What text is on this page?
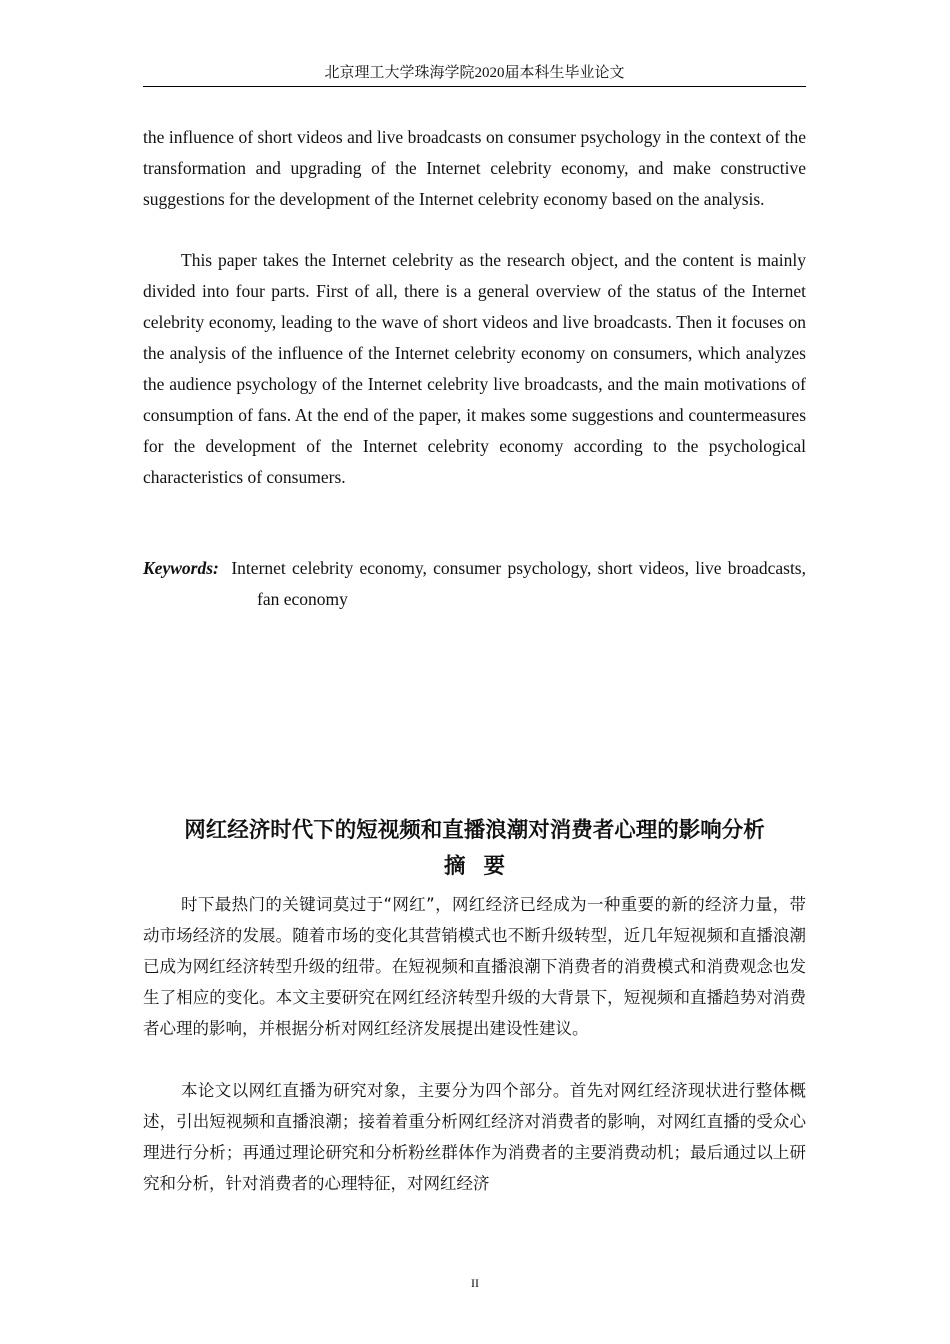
北京理工大学珠海学院2020届本科生毕业论文

the influence of short videos and live broadcasts on consumer psychology in the context of the transformation and upgrading of the Internet celebrity economy, and make constructive suggestions for the development of the Internet celebrity economy based on the analysis.

This paper takes the Internet celebrity as the research object, and the content is mainly divided into four parts. First of all, there is a general overview of the status of the Internet celebrity economy, leading to the wave of short videos and live broadcasts. Then it focuses on the analysis of the influence of the Internet celebrity economy on consumers, which analyzes the audience psychology of the Internet celebrity live broadcasts, and the main motivations of consumption of fans. At the end of the paper, it makes some suggestions and countermeasures for the development of the Internet celebrity economy according to the psychological characteristics of consumers.

Keywords: Internet celebrity economy, consumer psychology, short videos, live broadcasts, fan economy
网红经济时代下的短视频和直播浪潮对消费者心理的影响分析
摘要

时下最热门的关键词莫过于“网红”，网红经济已经成为一种重要的新的经济力量，带动市场经济的发展。随着市场的变化其营销模式也不断升级转型，近几年短视频和直播浪潮已成为网红经济转型升级的纽带。在短视频和直播浪潮下消费者的消费模式和消费观念也发生了相应的变化。本文主要研究在网红经济转型升级的大背景下，短视频和直播趋势对消费者心理的影响，并根据分析对网红经济发展提出建设性建议。

本论文以网红直播为研究对象，主要分为四个部分。首先对网红经济现状进行整体概述，引出短视频和直播浪潮；接着着重分析网红经济对消费者的影响，对网红直播的受众心理进行分析；再通过理论研究和分析粉丝群体作为消费者的主要消费动机；最后通过以上研究和分析，针对消费者的心理特征，对网红经济

II
